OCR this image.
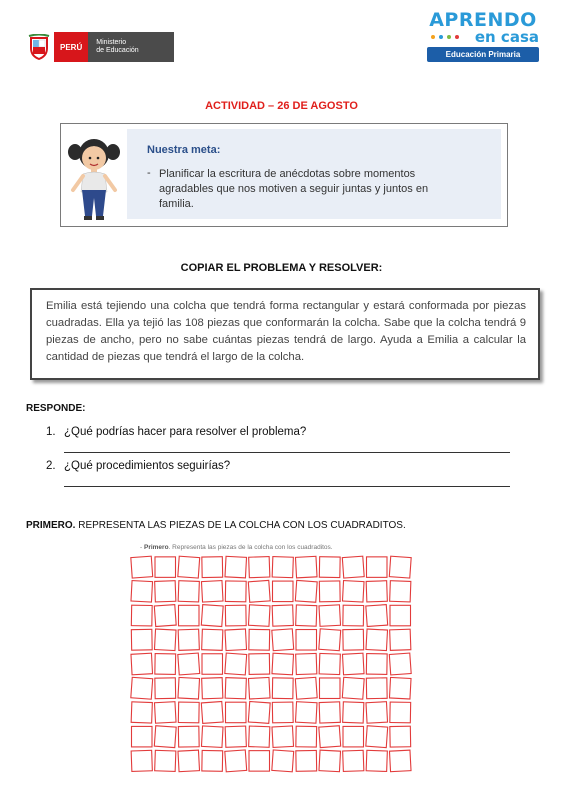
PERÚ	Ministerio
de Educación
APRENDO
en casa
Educación Primaria
ACTIVIDAD – 26 DE AGOSTO
Nuestra meta:
- Planificar la escritura de anécdotas sobre momentos agradables que nos motiven a seguir juntas y juntos en familia.
COPIAR EL PROBLEMA Y RESOLVER:

Emilia está tejiendo una colcha que tendrá forma rectangular y estará conformada por piezas cuadradas. Ella ya tejió las 108 piezas que conformarán la colcha. Sabe que la colcha tendrá 9 piezas de ancho, pero no sabe cuántas piezas tendrá de largo. Ayuda a Emilia a calcular la cantidad de piezas que tendrá el largo de la colcha.

RESPONDE:
1. ¿Qué podrías hacer para resolver el problema?
2. ¿Qué procedimientos seguirías?
PRIMERO. REPRESENTA LAS PIEZAS DE LA COLCHA CON LOS CUADRADITOS.
- Primero. Representa las piezas de la colcha con los cuadraditos.
